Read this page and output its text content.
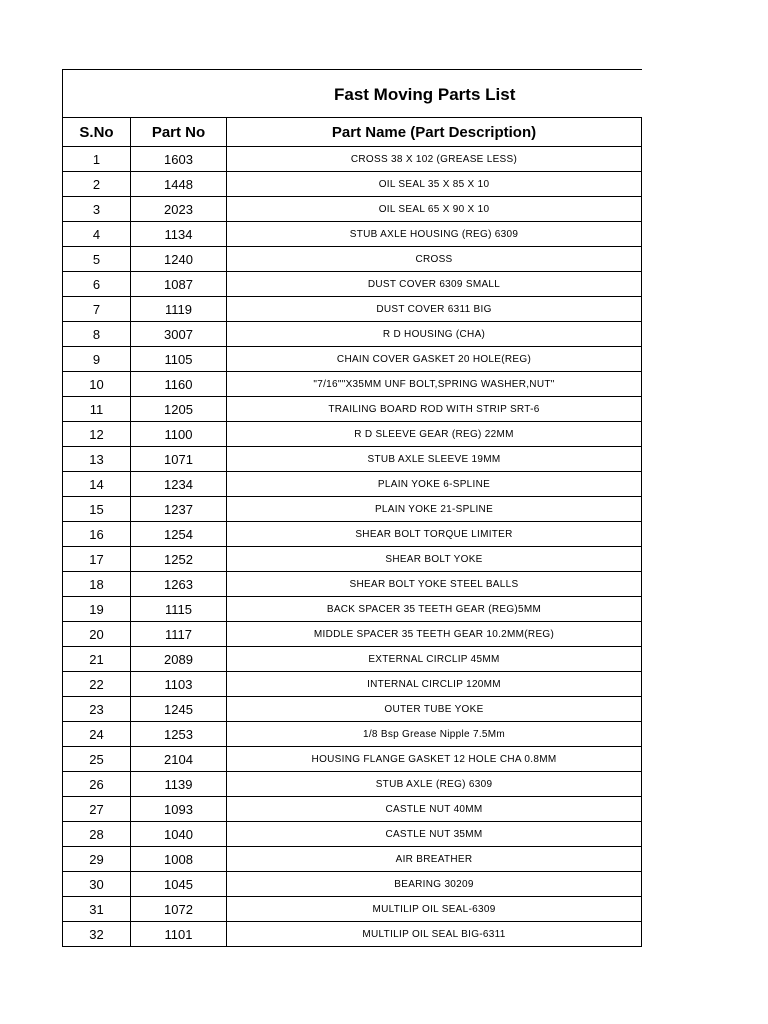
Fast Moving Parts List		
S.No	Part No	Part Name (Part Description)
1	1603	CROSS 38 X 102 (GREASE LESS)
2	1448	OIL SEAL 35 X 85 X 10
3	2023	OIL SEAL 65 X 90 X 10
4	1134	STUB AXLE HOUSING (REG) 6309
5	1240	CROSS
6	1087	DUST COVER 6309 SMALL
7	1119	DUST COVER 6311 BIG
8	3007	R D HOUSING (CHA)
9	1105	CHAIN COVER GASKET 20 HOLE(REG)
10	1160	"7/16""X35MM UNF BOLT,SPRING WASHER,NUT"
11	1205	TRAILING BOARD ROD WITH STRIP SRT-6
12	1100	R D SLEEVE GEAR (REG) 22MM
13	1071	STUB AXLE SLEEVE 19MM
14	1234	PLAIN YOKE 6-SPLINE
15	1237	PLAIN YOKE 21-SPLINE
16	1254	SHEAR BOLT TORQUE LIMITER
17	1252	SHEAR BOLT YOKE
18	1263	SHEAR BOLT YOKE STEEL BALLS
19	1115	BACK SPACER 35 TEETH GEAR (REG)5MM
20	1117	MIDDLE SPACER 35 TEETH GEAR 10.2MM(REG)
21	2089	EXTERNAL CIRCLIP 45MM
22	1103	INTERNAL CIRCLIP 120MM
23	1245	OUTER TUBE YOKE
24	1253	1/8 Bsp Grease Nipple 7.5Mm
25	2104	HOUSING FLANGE GASKET 12 HOLE CHA 0.8MM
26	1139	STUB AXLE (REG) 6309
27	1093	CASTLE NUT 40MM
28	1040	CASTLE NUT 35MM
29	1008	AIR BREATHER
30	1045	BEARING 30209
31	1072	MULTILIP OIL SEAL-6309
32	1101	MULTILIP OIL SEAL BIG-6311
